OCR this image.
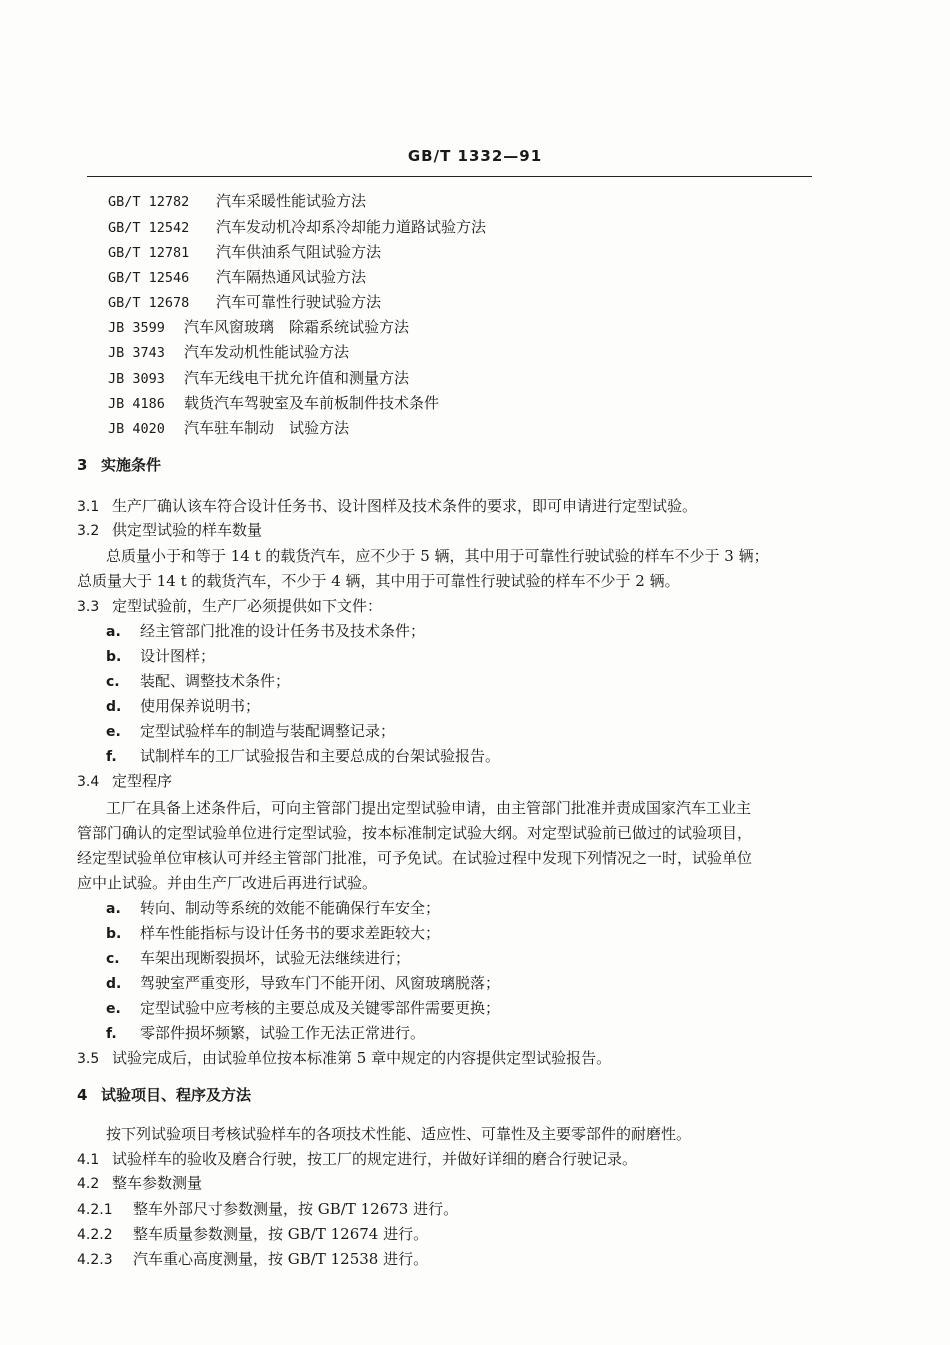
GB/T 1332—91
GB/T 12782 汽车采暖性能试验方法
GB/T 12542 汽车发动机冷却系冷却能力道路试验方法
GB/T 12781 汽车供油系气阻试验方法
GB/T 12546 汽车隔热通风试验方法
GB/T 12678 汽车可靠性行驶试验方法
JB 3599 汽车风窗玻璃　除霜系统试验方法
JB 3743 汽车发动机性能试验方法
JB 3093 汽车无线电干扰允许值和测量方法
JB 4186 载货汽车驾驶室及车前板制件技术条件
JB 4020 汽车驻车制动　试验方法
3 实施条件
3.1 生产厂确认该车符合设计任务书、设计图样及技术条件的要求，即可申请进行定型试验。
3.2 供定型试验的样车数量
总质量小于和等于 14 t 的载货汽车，应不少于 5 辆，其中用于可靠性行驶试验的样车不少于 3 辆；
总质量大于 14 t 的载货汽车，不少于 4 辆，其中用于可靠性行驶试验的样车不少于 2 辆。
3.3 定型试验前，生产厂必须提供如下文件：
a. 经主管部门批准的设计任务书及技术条件；
b. 设计图样；
c. 装配、调整技术条件；
d. 使用保养说明书；
e. 定型试验样车的制造与装配调整记录；
f. 试制样车的工厂试验报告和主要总成的台架试验报告。
3.4 定型程序
工厂在具备上述条件后，可向主管部门提出定型试验申请，由主管部门批准并责成国家汽车工业主
管部门确认的定型试验单位进行定型试验，按本标准制定试验大纲。对定型试验前已做过的试验项目，
经定型试验单位审核认可并经主管部门批准，可予免试。在试验过程中发现下列情况之一时，试验单位
应中止试验。并由生产厂改进后再进行试验。
a. 转向、制动等系统的效能不能确保行车安全；
b. 样车性能指标与设计任务书的要求差距较大；
c. 车架出现断裂损坏，试验无法继续进行；
d. 驾驶室严重变形，导致车门不能开闭、风窗玻璃脱落；
e. 定型试验中应考核的主要总成及关键零部件需要更换；
f. 零部件损坏频繁，试验工作无法正常进行。
3.5 试验完成后，由试验单位按本标准第 5 章中规定的内容提供定型试验报告。
4 试验项目、程序及方法
按下列试验项目考核试验样车的各项技术性能、适应性、可靠性及主要零部件的耐磨性。
4.1 试验样车的验收及磨合行驶，按工厂的规定进行，并做好详细的磨合行驶记录。
4.2 整车参数测量
4.2.1 整车外部尺寸参数测量，按 GB/T 12673 进行。
4.2.2 整车质量参数测量，按 GB/T 12674 进行。
4.2.3 汽车重心高度测量，按 GB/T 12538 进行。
